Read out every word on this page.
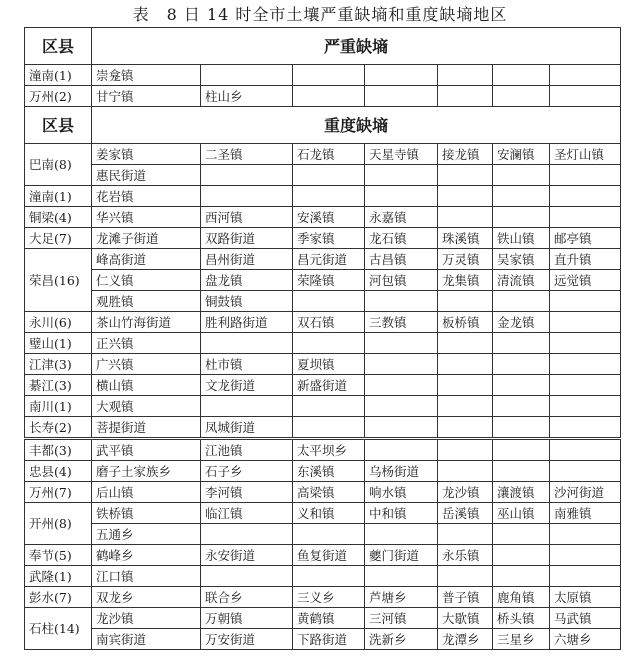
表　8 日 14 时全市土壤严重缺墒和重度缺墒地区
区县	严重缺墒						
潼南(1)	崇龛镇						
万州(2)	甘宁镇	柱山乡					
区县	重度缺墒						
巴南(8)	姜家镇	二圣镇	石龙镇	天星寺镇	接龙镇	安澜镇	圣灯山镇
	惠民街道						
潼南(1)	花岩镇						
铜梁(4)	华兴镇	西河镇	安溪镇	永嘉镇			
大足(7)	龙滩子街道	双路街道	季家镇	龙石镇	珠溪镇	铁山镇	邮亭镇
荣昌(16)	峰高街道	昌州街道	昌元街道	古昌镇	万灵镇	吴家镇	直升镇
	仁义镇	盘龙镇	荣隆镇	河包镇	龙集镇	清流镇	远觉镇
	观胜镇	铜鼓镇					
永川(6)	茶山竹海街道	胜利路街道	双石镇	三教镇	板桥镇	金龙镇	
璧山(1)	正兴镇						
江津(3)	广兴镇	杜市镇	夏坝镇				
綦江(3)	横山镇	文龙街道	新盛街道				
南川(1)	大观镇						
长寿(2)	菩提街道	凤城街道					
丰都(3)	武平镇	江池镇	太平坝乡				
忠县(4)	磨子土家族乡	石子乡	东溪镇	乌杨街道			
万州(7)	后山镇	李河镇	高梁镇	响水镇	龙沙镇	瀼渡镇	沙河街道
开州(8)	铁桥镇	临江镇	义和镇	中和镇	岳溪镇	巫山镇	南雅镇
	五通乡						
奉节(5)	鹤峰乡	永安街道	鱼复街道	夔门街道	永乐镇		
武隆(1)	江口镇						
彭水(7)	双龙乡	联合乡	三义乡	芦塘乡	普子镇	鹿角镇	太原镇
石柱(14)	龙沙镇	万朝镇	黄鹤镇	三河镇	大歇镇	桥头镇	马武镇
	南宾街道	万安街道	下路街道	洗新乡	龙潭乡	三星乡	六塘乡
